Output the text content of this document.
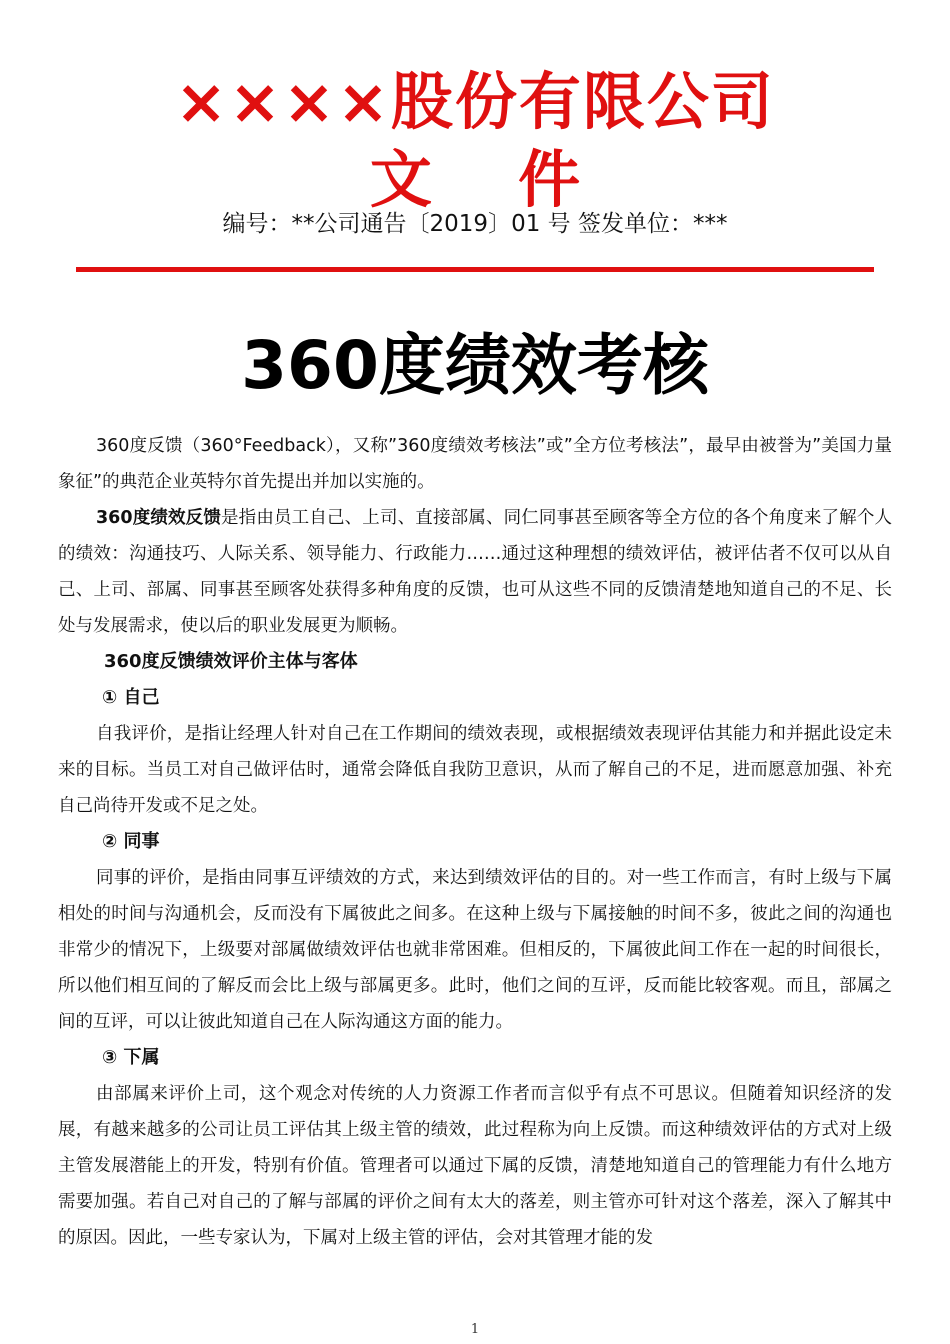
××××股份有限公司
文    件
编号：**公司通告〔2019〕01 号 签发单位：***
360度绩效考核

360度反馈（360°Feedback），又称”360度绩效考核法”或”全方位考核法”，最早由被誉为”美国力量象征”的典范企业英特尔首先提出并加以实施的。

360度绩效反馈是指由员工自己、上司、直接部属、同仁同事甚至顾客等全方位的各个角度来了解个人的绩效：沟通技巧、人际关系、领导能力、行政能力……通过这种理想的绩效评估，被评估者不仅可以从自己、上司、部属、同事甚至顾客处获得多种角度的反馈，也可从这些不同的反馈清楚地知道自己的不足、长处与发展需求，使以后的职业发展更为顺畅。

360度反馈绩效评价主体与客体

① 自己

自我评价，是指让经理人针对自己在工作期间的绩效表现，或根据绩效表现评估其能力和并据此设定未来的目标。当员工对自己做评估时，通常会降低自我防卫意识，从而了解自己的不足，进而愿意加强、补充自己尚待开发或不足之处。

② 同事

同事的评价，是指由同事互评绩效的方式，来达到绩效评估的目的。对一些工作而言，有时上级与下属相处的时间与沟通机会，反而没有下属彼此之间多。在这种上级与下属接触的时间不多，彼此之间的沟通也非常少的情况下，上级要对部属做绩效评估也就非常困难。但相反的，下属彼此间工作在一起的时间很长，所以他们相互间的了解反而会比上级与部属更多。此时，他们之间的互评，反而能比较客观。而且，部属之间的互评，可以让彼此知道自己在人际沟通这方面的能力。

③ 下属

由部属来评价上司，这个观念对传统的人力资源工作者而言似乎有点不可思议。但随着知识经济的发展，有越来越多的公司让员工评估其上级主管的绩效，此过程称为向上反馈。而这种绩效评估的方式对上级主管发展潜能上的开发，特别有价值。管理者可以通过下属的反馈，清楚地知道自己的管理能力有什么地方需要加强。若自己对自己的了解与部属的评价之间有太大的落差，则主管亦可针对这个落差，深入了解其中的原因。因此，一些专家认为，下属对上级主管的评估，会对其管理才能的发

1
